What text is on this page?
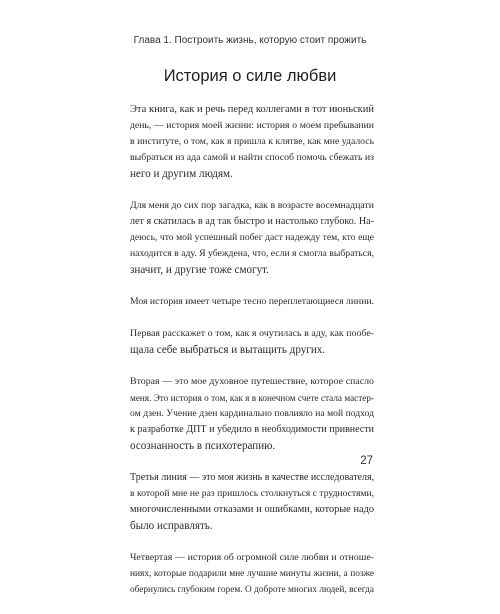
Глава 1. Построить жизнь, которую стоит прожить
История о силе любви

Эта книга, как и речь перед коллегами в тот июньский
день, — история моей жизни: история о моем пребывании
в институте, о том, как я пришла к клятве, как мне удалось
выбраться из ада самой и найти способ помочь сбежать из
него и другим людям.

Для меня до сих пор загадка, как в возрасте восемнадцати
лет я скатилась в ад так быстро и настолько глубоко. На-
деюсь, что мой успешный побег даст надежду тем, кто еще
находится в аду. Я убеждена, что, если я смогла выбраться,
значит, и другие тоже смогут.

Моя история имеет четыре тесно переплетающиеся линии.

Первая расскажет о том, как я очутилась в аду, как пообе-
щала себе выбраться и вытащить других.

Вторая — это мое духовное путешествие, которое спасло
меня. Это история о том, как я в конечном счете стала мастер-
ом дзен. Учение дзен кардинально повлияло на мой подход
к разработке ДПТ и убедило в необходимости привнести
осознанность в психотерапию.

Третья линия — это моя жизнь в качестве исследователя,
в которой мне не раз пришлось столкнуться с трудностями,
многочисленными отказами и ошибками, которые надо
было исправлять.

Четвертая — история об огромной силе любви и отноше-
ниях, которые подарили мне лучшие минуты жизни, а позже
обернулись глубоким горем. О доброте многих людей, всегда

27
